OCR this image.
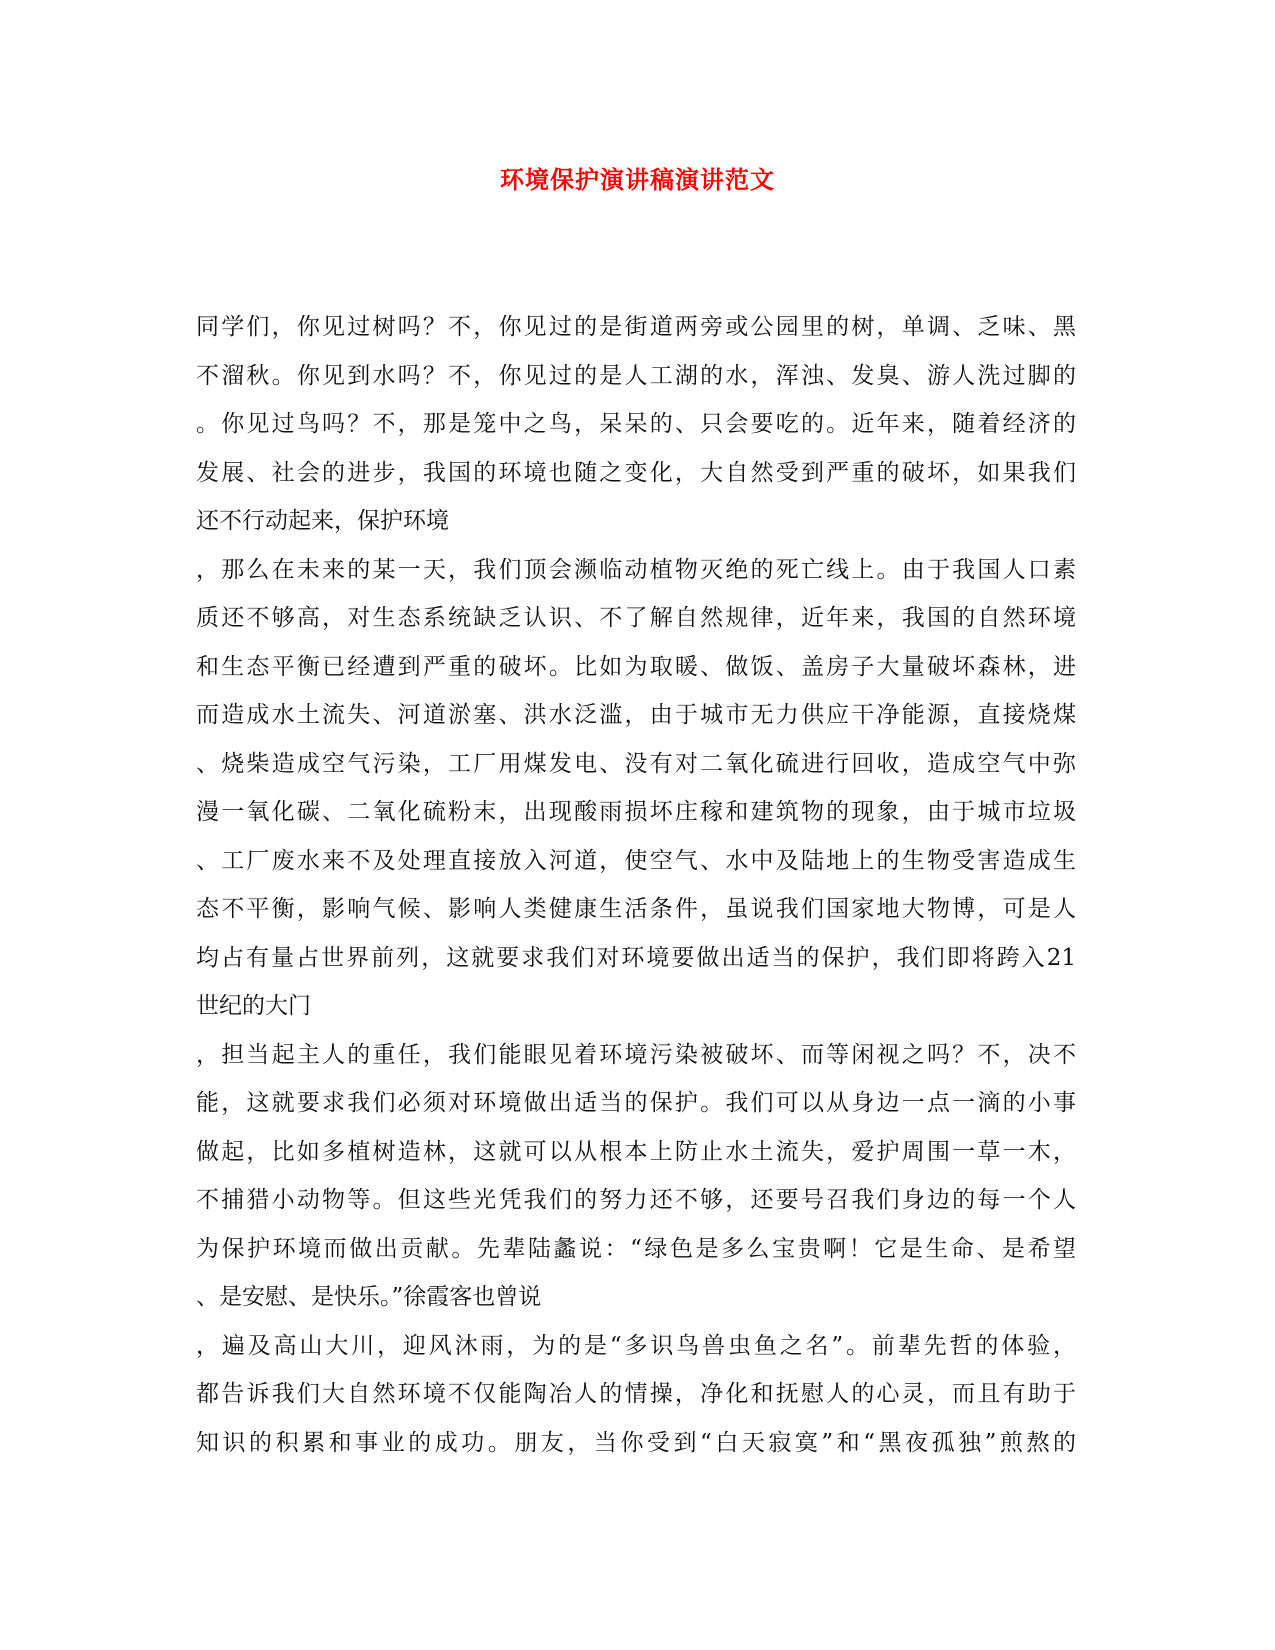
环境保护演讲稿演讲范文
同学们，你见过树吗？不，你见过的是街道两旁或公园里的树，单调、乏味、黑
不溜秋。你见到水吗？不，你见过的是人工湖的水，浑浊、发臭、游人洗过脚的
。你见过鸟吗？不，那是笼中之鸟，呆呆的、只会要吃的。近年来，随着经济的
发展、社会的进步，我国的环境也随之变化，大自然受到严重的破坏，如果我们
还不行动起来，保护环境
，那么在未来的某一天，我们顶会濒临动植物灭绝的死亡线上。由于我国人口素
质还不够高，对生态系统缺乏认识、不了解自然规律，近年来，我国的自然环境
和生态平衡已经遭到严重的破坏。比如为取暖、做饭、盖房子大量破坏森林，进
而造成水土流失、河道淤塞、洪水泛滥，由于城市无力供应干净能源，直接烧煤
、烧柴造成空气污染，工厂用煤发电、没有对二氧化硫进行回收，造成空气中弥
漫一氧化碳、二氧化硫粉末，出现酸雨损坏庄稼和建筑物的现象，由于城市垃圾
、工厂废水来不及处理直接放入河道，使空气、水中及陆地上的生物受害造成生
态不平衡，影响气候、影响人类健康生活条件，虽说我们国家地大物博，可是人
均占有量占世界前列，这就要求我们对环境要做出适当的保护，我们即将跨入21
世纪的大门
，担当起主人的重任，我们能眼见着环境污染被破坏、而等闲视之吗？不，决不
能，这就要求我们必须对环境做出适当的保护。我们可以从身边一点一滴的小事
做起，比如多植树造林，这就可以从根本上防止水土流失，爱护周围一草一木，
不捕猎小动物等。但这些光凭我们的努力还不够，还要号召我们身边的每一个人
为保护环境而做出贡献。先辈陆蠡说：“绿色是多么宝贵啊！它是生命、是希望
、是安慰、是快乐。”徐霞客也曾说
，遍及高山大川，迎风沐雨，为的是“多识鸟兽虫鱼之名”。前辈先哲的体验，
都告诉我们大自然环境不仅能陶冶人的情操，净化和抚慰人的心灵，而且有助于
知识的积累和事业的成功。朋友，当你受到“白天寂寞”和“黑夜孤独”煎熬的
